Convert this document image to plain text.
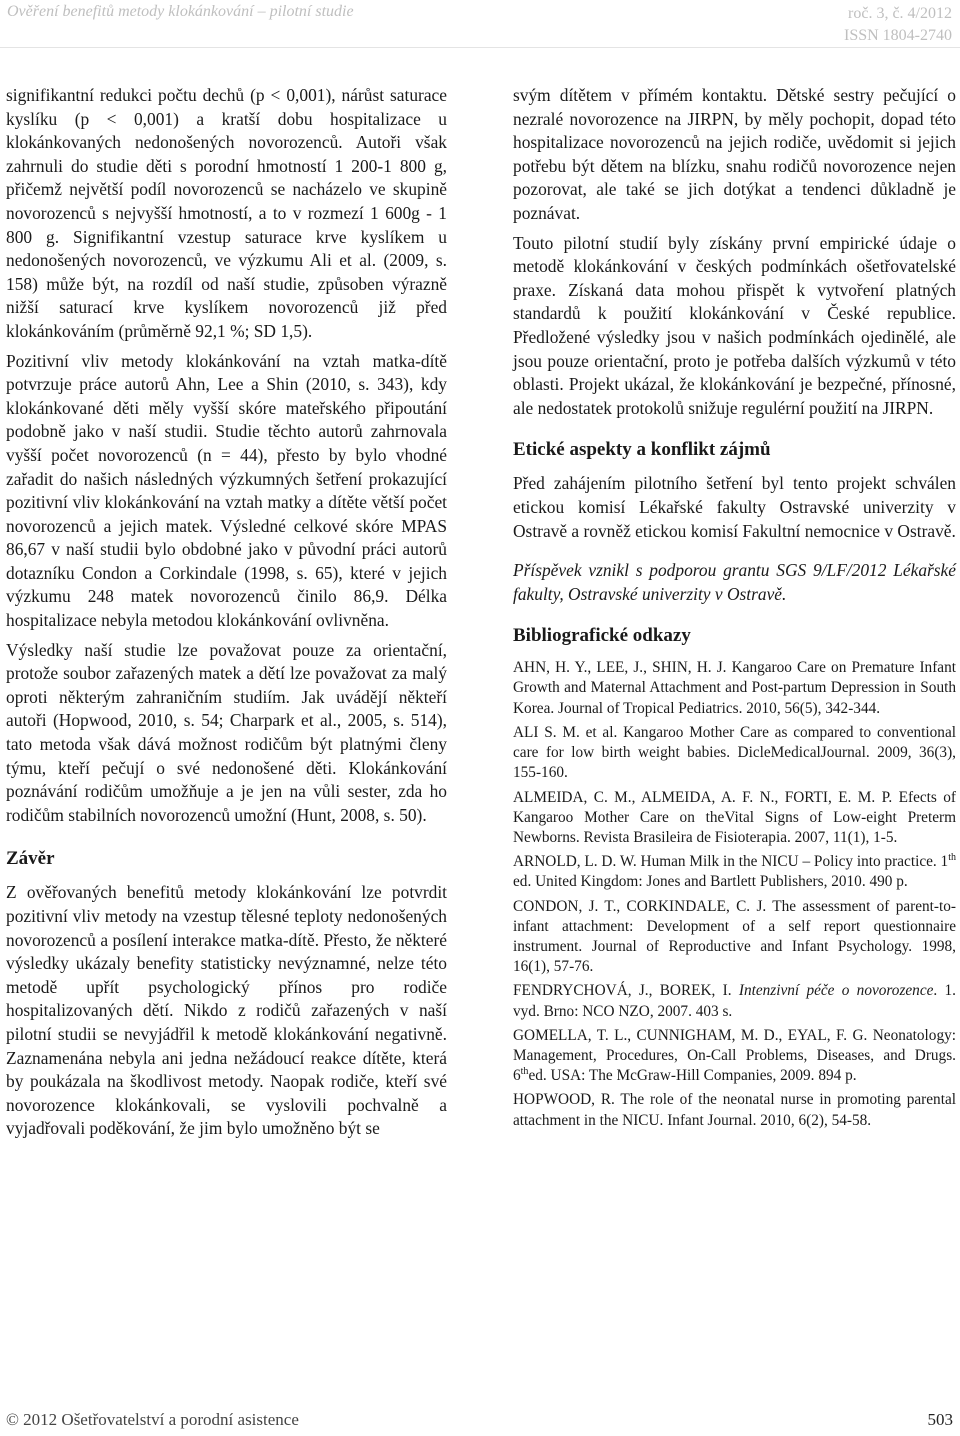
Ověření benefitů metody klokánkování – pilotní studie	roč. 3, č. 4/2012
ISSN 1804-2740

signifikantní redukci počtu dechů (p < 0,001), nárůst saturace kyslíku (p < 0,001) a kratší dobu hospitalizace u klokánkovaných nedonošených novorozenců. Autoři však zahrnuli do studie děti s porodní hmotností 1 200-1 800 g, přičemž největší podíl novorozenců se nacházelo ve skupině novorozenců s nejvyšší hmotností, a to v rozmezí 1 600g - 1 800 g. Signifikantní vzestup saturace krve kyslíkem u nedonošených novorozenců, ve výzkumu Ali et al. (2009, s. 158) může být, na rozdíl od naší studie, způsoben výrazně nižší saturací krve kyslíkem novorozenců již před klokánkováním (průměrně 92,1 %; SD 1,5).

Pozitivní vliv metody klokánkování na vztah matka-dítě potvrzuje práce autorů Ahn, Lee a Shin (2010, s. 343), kdy klokánkované děti měly vyšší skóre mateřského připoutání podobně jako v naší studii. Studie těchto autorů zahrnovala vyšší počet novorozenců (n = 44), přesto by bylo vhodné zařadit do našich následných výzkumných šetření prokazující pozitivní vliv klokánkování na vztah matky a dítěte větší počet novorozenců a jejich matek. Výsledné celkové skóre MPAS 86,67 v naší studii bylo obdobné jako v původní práci autorů dotazníku Condon a Corkindale (1998, s. 65), které v jejich výzkumu 248 matek novorozenců činilo 86,9. Délka hospitalizace nebyla metodou klokánkování ovlivněna.

Výsledky naší studie lze považovat pouze za orientační, protože soubor zařazených matek a dětí lze považovat za malý oproti některým zahraničním studiím. Jak uvádějí někteří autoři (Hopwood, 2010, s. 54; Charpark et al., 2005, s. 514), tato metoda však dává možnost rodičům být platnými členy týmu, kteří pečují o své nedonošené děti. Klokánkování poznávání rodičům umožňuje a je jen na vůli sester, zda ho rodičům stabilních novorozenců umožní (Hunt, 2008, s. 50).

Závěr

Z ověřovaných benefitů metody klokánkování lze potvrdit pozitivní vliv metody na vzestup tělesné teploty nedonošených novorozenců a posílení interakce matka-dítě. Přesto, že některé výsledky ukázaly benefity statisticky nevýznamné, nelze této metodě upřít psychologický přínos pro rodiče hospitalizovaných dětí. Nikdo z rodičů zařazených v naší pilotní studii se nevyjádřil k metodě klokánkování negativně. Zaznamenána nebyla ani jedna nežádoucí reakce dítěte, která by poukázala na škodlivost metody. Naopak rodiče, kteří své novorozence klokánkovali, se vyslovili pochvalně a vyjadřovali poděkování, že jim bylo umožněno být se

svým dítětem v přímém kontaktu. Dětské sestry pečující o nezralé novorozence na JIRPN, by měly pochopit, dopad této hospitalizace novorozenců na jejich rodiče, uvědomit si jejich potřebu být dětem na blízku, snahu rodičů novorozence nejen pozorovat, ale také se jich dotýkat a tendenci důkladně je poznávat.

Touto pilotní studií byly získány první empirické údaje o metodě klokánkování v českých podmínkách ošetřovatelské praxe. Získaná data mohou přispět k vytvoření platných standardů k použití klokánkování v České republice. Předložené výsledky jsou v našich podmínkách ojedinělé, ale jsou pouze orientační, proto je potřeba dalších výzkumů v této oblasti. Projekt ukázal, že klokánkování je bezpečné, přínosné, ale nedostatek protokolů snižuje regulérní použití na JIRPN.

Etické aspekty a konflikt zájmů

Před zahájením pilotního šetření byl tento projekt schválen etickou komisí Lékařské fakulty Ostravské univerzity v Ostravě a rovněž etickou komisí Fakultní nemocnice v Ostravě.

Příspěvek vznikl s podporou grantu SGS 9/LF/2012 Lékařské fakulty, Ostravské univerzity v Ostravě.

Bibliografické odkazy
AHN, H. Y., LEE, J., SHIN, H. J. Kangaroo Care on Premature Infant Growth and Maternal Attachment and Post-partum Depression in South Korea. Journal of Tropical Pediatrics. 2010, 56(5), 342-344.
ALI S. M. et al. Kangaroo Mother Care as compared to conventional care for low birth weight babies. DicleMedicalJournal. 2009, 36(3), 155-160.
ALMEIDA, C. M., ALMEIDA, A. F. N., FORTI, E. M. P. Efects of Kangaroo Mother Care on theVital Signs of Low-eight Preterm Newborns. Revista Brasileira de Fisioterapia. 2007, 11(1), 1-5.
ARNOLD, L. D. W. Human Milk in the NICU – Policy into practice. 1th ed. United Kingdom: Jones and Bartlett Publishers, 2010. 490 p.
CONDON, J. T., CORKINDALE, C. J. The assessment of parent-to-infant attachment: Development of a self report questionnaire instrument. Journal of Reproductive and Infant Psychology. 1998, 16(1), 57-76.
FENDRYCHOVÁ, J., BOREK, I. Intenzivní péče o novorozence. 1. vyd. Brno: NCO NZO, 2007. 403 s.
GOMELLA, T. L., CUNNIGHAM, M. D., EYAL, F. G. Neonatology: Management, Procedures, On-Call Problems, Diseases, and Drugs. 6thed. USA: The McGraw-Hill Companies, 2009. 894 p.
HOPWOOD, R. The role of the neonatal nurse in promoting parental attachment in the NICU. Infant Journal. 2010, 6(2), 54-58.
© 2012 Ošetřovatelství a porodní asistence	503
